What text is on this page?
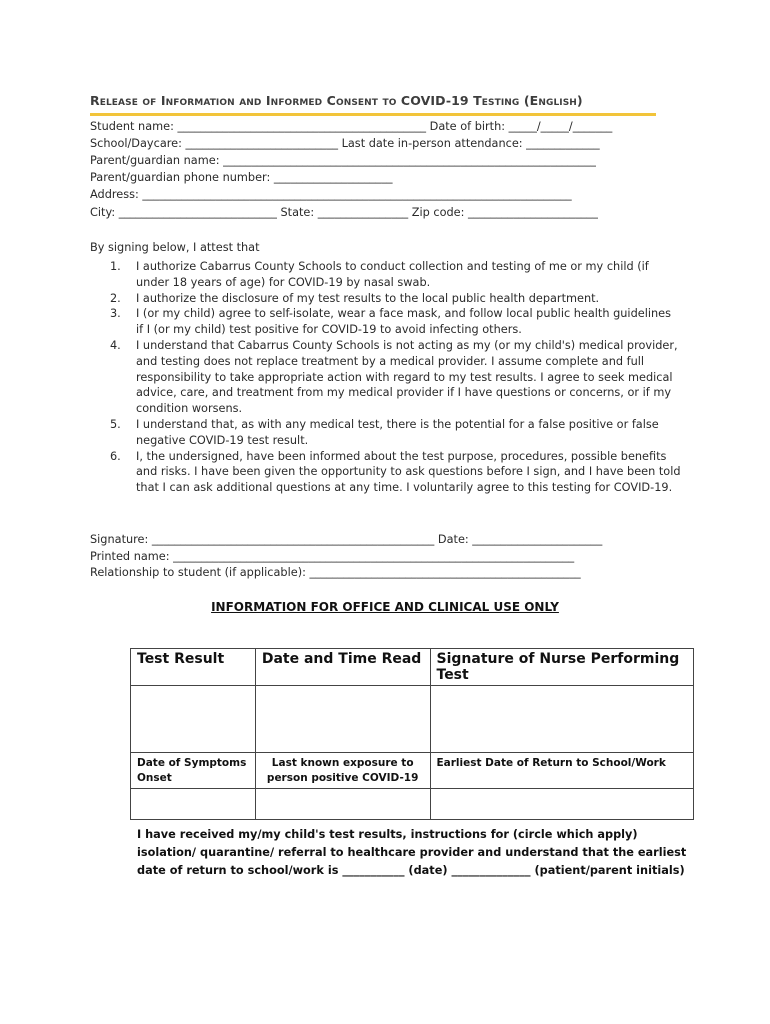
Release of Information and Informed Consent to COVID-19 Testing (English)
Student name: ____________________________________________ Date of birth: _____/_____/_______
School/Daycare: ___________________________ Last date in-person attendance: _____________
Parent/guardian name: __________________________________________________________________
Parent/guardian phone number: _____________________
Address: ____________________________________________________________________________
City: ____________________________ State: ________________ Zip code: _______________________
By signing below, I attest that
1. I authorize Cabarrus County Schools to conduct collection and testing of me or my child (if under 18 years of age) for COVID-19 by nasal swab.
2. I authorize the disclosure of my test results to the local public health department.
3. I (or my child) agree to self-isolate, wear a face mask, and follow local public health guidelines if I (or my child) test positive for COVID-19 to avoid infecting others.
4. I understand that Cabarrus County Schools is not acting as my (or my child's) medical provider, and testing does not replace treatment by a medical provider. I assume complete and full responsibility to take appropriate action with regard to my test results. I agree to seek medical advice, care, and treatment from my medical provider if I have questions or concerns, or if my condition worsens.
5. I understand that, as with any medical test, there is the potential for a false positive or false negative COVID-19 test result.
6. I, the undersigned, have been informed about the test purpose, procedures, possible benefits and risks. I have been given the opportunity to ask questions before I sign, and I have been told that I can ask additional questions at any time. I voluntarily agree to this testing for COVID-19.
Signature: __________________________________________________ Date: _______________________
Printed name: _______________________________________________________________________
Relationship to student (if applicable): ________________________________________________
INFORMATION FOR OFFICE AND CLINICAL USE ONLY
Test Result	Date and Time Read	Signature of Nurse Performing Test

Date of Symptoms Onset	Last known exposure to person positive COVID-19	Earliest Date of Return to School/Work

I have received my/my child's test results, instructions for (circle which apply) isolation/ quarantine/ referral to healthcare provider and understand that the earliest date of return to school/work is ___________ (date) ______________ (patient/parent initials)
